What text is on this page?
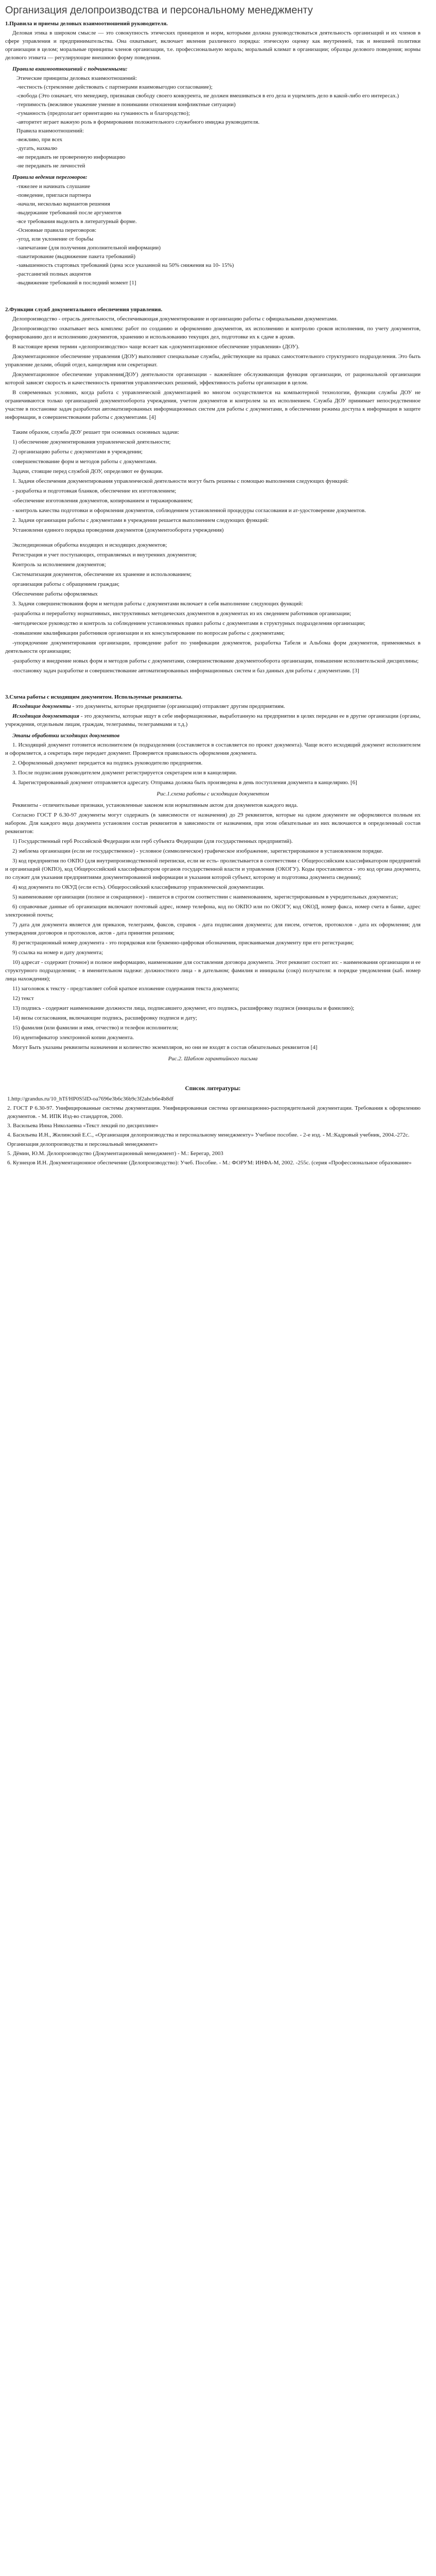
Организация делопроизводства и персональному менеджменту
1.Правила и приемы деловых взаимоотношений руководителя.

Деловая этика в широком смысле — это совокупность этических принципов и норм, которыми должна руководствоваться деятельность организаций и их членов в сфере управления и предпринимательства. Она охватывает, включает явления различного порядка: этическую оценку как внутренней, так и внешней политики организации в целом; моральные принципы членов организации, т.е. профессиональную мораль; моральный климат в организации; образцы делового поведения; нормы делового этикета — регулирующие внешнюю форму поведения.

Правила взаимоотношений с подчиненными:
Этические принципы деловых взаимоотношений:
-честность (стремление действовать с партнерами взаимовыгодно согласование);
-свобода (Это означает, что менеджер, признавая свободу своего конкурента, не должен вмешиваться в его дела и ущемлять дело в какой-либо его интересах.)
-терпимость (вежливое уважение умение в понимании отношения конфликтные ситуации)
-гуманность (предполагает ориентацию на гуманность и благородство);
-авторитет играет важную роль в формировании положительного служебного имиджа руководителя.
Правила взаимоотношений:
-вежливо, при всех
-дугать, нахвалю
-не передавать не проверенную информацию
-не передавать не личностей
Правила ведения переговоров:
-тяжелее и начинать слушание
-поведение, пригласи партнера
-начали, несколько вариантов решения
-выдержание требований после аргументов
-все требования выделить в литературный форме.
-Основные правила переговоров:
-угод, или уклонение от борьбы
-запечатание (для получения дополнительной информации)
-пакетирование (выдвижение пакета требований)
-завышенность стартовых требований (цена эссе указанной на 50% снижения на 10- 15%)
-растсаннгий полных акцентов
-выдвижение требований в последний момент [1]
2.Функции служб документального обеспечения управления.

Делопроизводство - отрасль деятельности, обеспечивающая документирование и организацию работы с официальными документами.

Делопроизводство охватывает весь комплекс работ по созданию и оформлению документов, их исполнению и контролю сроков исполнения, по учету документов, формированию дел и исполнению документов, хранению и использованию текущих дел, подготовке их к сдаче в архив.

В настоящее время термин «делопроизводство» чаще всеает как «документационное обеспечение управления» (ДОУ).

Документационное обеспечение управления (ДОУ) выполняют специальные службы, действующие на правах самостоятельного структурного подразделения. Это быть управление делами, общий отдел, канцелярия или секретариат.

Документационное обеспечение управления(ДОУ) деятельности организации - важнейшее обслуживающая функция организации, от рациональной организации которой зависят скорость и качественность принятия управленческих решений, эффективность работы организации в целом.

В современных условиях, когда работа с управленческой документацией во многом осуществляется на компьютерной технологии, функции службы ДОУ не ограничиваются только организацией документооборота учреждения, учетом документов и контролем за их исполнением. Служба ДОУ принимает непосредственное участие в постановке задач разработки автоматизированных информационных систем для работы с документами, в обеспечении режима доступа к информации в защите информации, в совершенствовании работы с документами. [4]

Таким образом, служба ДОУ решает три основных основных задачи:

1) обеспечение документирования управленческой деятельности;

2) организацию работы с документами в учреждении;

совершенствование форм и методов работы с документами.

Задачи, стоящие перед службой ДОУ, определяют ее функции.

1. Задачи обеспечения документирования управленческой деятельности могут быть решены с помощью выполнения следующих функций:

- разработка и подготовкая бланков, обеспечение их изготовлением;

-обеспечение изготовления документов, копированием и тиражированием;

- контроль качества подготовки и оформления документов, соблюдением установленной процедуры согласования и ат-удостоверение документов.

2. Задачи организации работы с документами в учреждении решается выполнением следующих функций:

Установлени единого порядка проведения документов (документооборота учреждения)

Экспедиционная обработка входящих и исходящих документов;

Регистрация и учет поступающих, отправляемых и внутренних документов;

Контроль за исполнением документов;

Систематизация документов, обеспечение их хранение и использованием;

организация работы с обращением граждан;

Обеспечение работы оформляемых

3. Задачи совершенствования форм и методов работы с документами включает в себя выполнение следующих функций:

-разработка и переработку нормативных, инструктивных методических документов в документах из их сведением работников организации;

-методическое руководство и контроль за соблюдением установленных правил работы с документами в структурных подразделения организации;

-повышение квалификации работников организации и их консультирование по вопросам работы с документами;

-упорядочение документирования организации, проведение работ по унификации документов, разработка Табеля и Альбома форм документов, применяемых в деятельности организации;

-разработку и внедрение новых форм и методов работы с документами, совершенствование документооборота организации, повышение исполнительской дисциплины;

-постановку задач разработке и совершенствование автоматизированных информационных систем и баз данных для работы с документами. [3]

3.Схема работы с исходящим документом. Используемые реквизиты.

Исходящие документы - это документы, которые предприятие (организация) отправляет другим предприятиям.

Исходящая документация - это документы, которые ищут в себе информационные, выработанную на предприятии в целях передачи ее в другие организации (органы, учреждения, отдельным лицам, граждам, телеграммы, телеграммами и т.д.)

Этапы обработки исходящих документов

1. Исходящий документ готовится исполнителем (в подразделения (составляется в составляется по проект документа). Чаще всего исходящий документ исполнителем и оформляется, а секретарь пере передает документ. Проверяется правильность оформления документа.

2. Оформленный документ передается на подпись руководителю предприятия.

3. После подписания руководителем документ регистрируется секретарем или в канцелярии.

4. Зарегистрированный документ отправляется адресату. Отправка должна быть произведена в день поступления документа в канцелярию. [6]

Рис.1.схема работы с исходящим документом

Реквизиты - отличительные признаки, установленные законом или нормативным актом для документов каждого вида.

Согласно ГОСТ Р 6.30-97 документы могут содержать (в зависимости от назначения) до 29 реквизитов, которые на одном документе не оформляются полным их набором. Для каждого вида документа установлен состав реквизитов в зависимости от назначения, при этом обязательные из них включаются в определенный состав реквизитов:

1) Государственный герб Российской Федерации или герб субъекта Федерации (для государственных предприятий).

2) эмблема организации (если не государственное) - условное (символическое) графическое изображение, зарегистрированное в установленном порядке.

3) код предприятия по ОКПО (для внутрипроизводственной переписки, если не есть- пролистывается в соответствии с Общероссийским классификатором предприятий и организаций (ОКПО), код Общероссийский классификатором органов государственной власти и управления (ОКОГУ). Коды проставляются - это код органа документа, по служит для указания предприятиями документированной информации и указания которой субъект, которому и подготовка документа сведения);

4) код документа по ОКУД (если есть). Общероссийский классификатор управленческой документации.

5) наименование организации (полное и сокращенное) - пишется в строгом соответствии с наименованием, зарегистрированным в учредительных документах;

6) справочные данные об организации включают почтовый адрес, номер телефона, код по ОКПО или по ОКОГУ, код ОКОД, номер факса, номер счета в банке, адрес электронной почты;

7) дата для документа является для приказов, телеграмм, факсов, справок - дата подписания документа; для писем, отчетов, протоколов - дата их оформления; для утверждения договоров и протоколов, актов - дата принятия решения;

8) регистрационный номер документа - это порядковая или буквенно-цифровая обозначения, присваиваемая документу при его регистрации;

9) ссылка на номер и дату документа;

10) адресат - содержит (точное) и полное информацию, наименование для составления договора документа. Этот реквизит состоит из: - наименования организации и ее структурного подразделения; - в именительном падеже: должностного лица - в дательном; фамилия и инициалы (сокр) получателя: в порядке уведомления (каб. номер лица нахождения);

11) заголовок к тексту - представляет собой краткое изложение содержания текста документа;

12) текст

13) подпись - содержит наименование должности лица, подписавшего документ, его подпись, расшифровку подписи (инициалы и фамилию);

14) визы согласования, включающие подпись, расшифровку подписи и дату;

15) фамилия (или фамилии и имя, отчество) и телефон исполнителя;

16) идентификатор электронной копии документа.

Могут Быть указаны реквизиты назначения и количество экземпляров, но они не входят в состав обязательных реквизитов [4]

Рис.2. Шаблон гарантийного письма
Список литературы:
1.http://grandus.ru/10_hTf/HP0S5ID-oa7696e3b6c36b9c3f2ahcb6e4b8df
2. ГОСТ Р 6.30-97. Унифицированные системы документации. Унифицированная система организационно-распорядительной документации. Требования к оформлению документов. - М. ИПК Изд-во стандартов, 2000.
3. Васильева Инна Николаевна «Текст лекций по дисциплине»
4. Басильева И.Н., Жилинский Е.С., «Организация делопроизводства и персональному менеджменту» Учебное пособие. - 2-е изд. - М.:Кадровый учебник, 2004.-272с.
Организация делопроизводства и персональный менеджмент»
5. Дёмин, Ю.М. Делопроизводство (Документационный менеджмент) - М.: Берегар, 2003
6. Кузнецов И.Н. Документационное обеспечение (Делопроизводство): Учеб. Пособие. - М.: ФОРУМ: ИНФА-М, 2002. -255с. (серия «Профессиональное образование»
